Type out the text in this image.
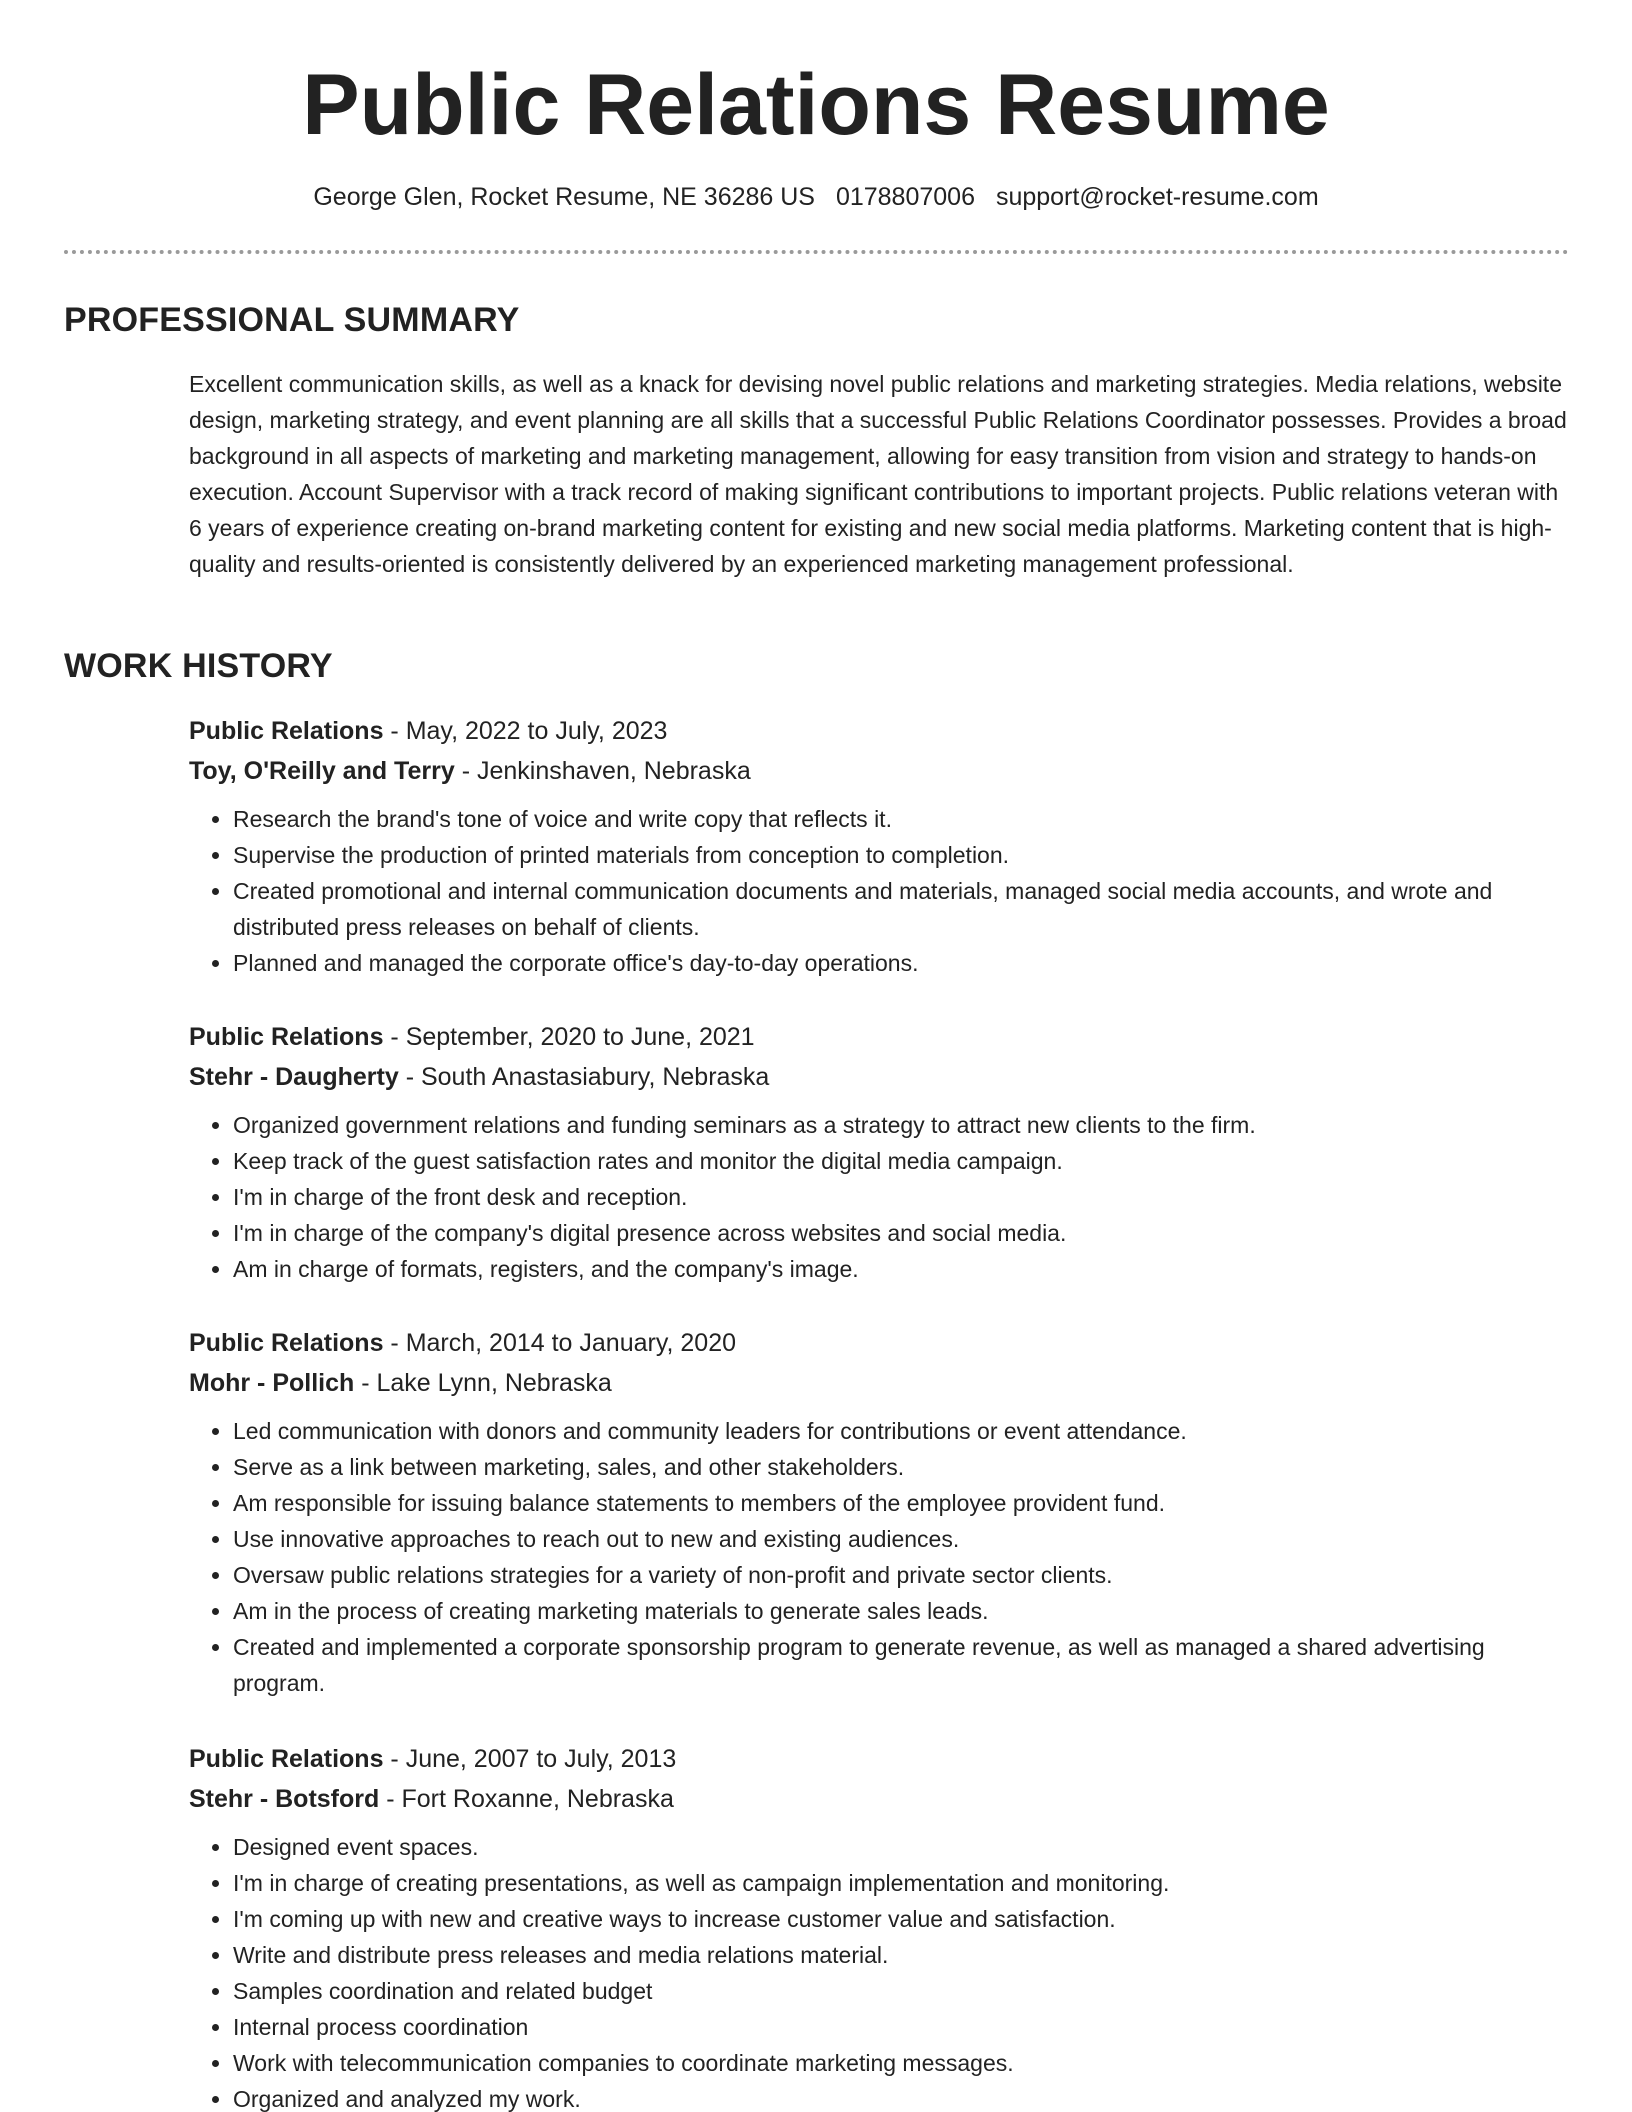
Public Relations Resume
George Glen, Rocket Resume, NE 36286 US 0178807006 support@rocket-resume.com
PROFESSIONAL SUMMARY

Excellent communication skills, as well as a knack for devising novel public relations and marketing strategies. Media relations, website design, marketing strategy, and event planning are all skills that a successful Public Relations Coordinator possesses. Provides a broad background in all aspects of marketing and marketing management, allowing for easy transition from vision and strategy to hands-on execution. Account Supervisor with a track record of making significant contributions to important projects. Public relations veteran with 6 years of experience creating on-brand marketing content for existing and new social media platforms. Marketing content that is high-quality and results-oriented is consistently delivered by an experienced marketing management professional.

WORK HISTORY
Public Relations - May, 2022 to July, 2023
Toy, O'Reilly and Terry - Jenkinshaven, Nebraska
• Research the brand's tone of voice and write copy that reflects it.
• Supervise the production of printed materials from conception to completion.
• Created promotional and internal communication documents and materials, managed social media accounts, and wrote and distributed press releases on behalf of clients.
• Planned and managed the corporate office's day-to-day operations.
Public Relations - September, 2020 to June, 2021
Stehr - Daugherty - South Anastasiabury, Nebraska
• Organized government relations and funding seminars as a strategy to attract new clients to the firm.
• Keep track of the guest satisfaction rates and monitor the digital media campaign.
• I'm in charge of the front desk and reception.
• I'm in charge of the company's digital presence across websites and social media.
• Am in charge of formats, registers, and the company's image.
Public Relations - March, 2014 to January, 2020
Mohr - Pollich - Lake Lynn, Nebraska
• Led communication with donors and community leaders for contributions or event attendance.
• Serve as a link between marketing, sales, and other stakeholders.
• Am responsible for issuing balance statements to members of the employee provident fund.
• Use innovative approaches to reach out to new and existing audiences.
• Oversaw public relations strategies for a variety of non-profit and private sector clients.
• Am in the process of creating marketing materials to generate sales leads.
• Created and implemented a corporate sponsorship program to generate revenue, as well as managed a shared advertising program.
Public Relations - June, 2007 to July, 2013
Stehr - Botsford - Fort Roxanne, Nebraska
• Designed event spaces.
• I'm in charge of creating presentations, as well as campaign implementation and monitoring.
• I'm coming up with new and creative ways to increase customer value and satisfaction.
• Write and distribute press releases and media relations material.
• Samples coordination and related budget
• Internal process coordination
• Work with telecommunication companies to coordinate marketing messages.
• Organized and analyzed my work.
